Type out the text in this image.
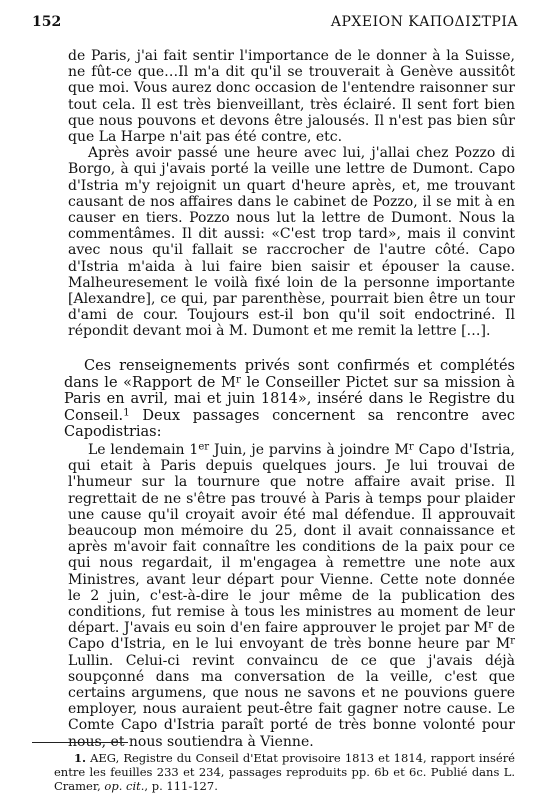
152	ΑΡΧΕΙΟΝ ΚΑΠΟΔΙΣΤΡΙΑ

de Paris, j'ai fait sentir l'importance de le donner à la Suisse, ne fût-ce que…Il m'a dit qu'il se trouverait à Genève aussitôt que moi. Vous aurez donc occasion de l'entendre raisonner sur tout cela. Il est très bienveillant, très éclairé. Il sent fort bien que nous pouvons et devons être jalousés. Il n'est pas bien sûr que La Harpe n'ait pas été contre, etc.

Après avoir passé une heure avec lui, j'allai chez Pozzo di Borgo, à qui j'avais porté la veille une lettre de Dumont. Capo d'Istria m'y rejoignit un quart d'heure après, et, me trouvant causant de nos affaires dans le cabinet de Pozzo, il se mit à en causer en tiers. Pozzo nous lut la lettre de Dumont. Nous la commentâmes. Il dit aussi: «C'est trop tard», mais il convint avec nous qu'il fallait se raccrocher de l'autre côté. Capo d'Istria m'aida à lui faire bien saisir et épouser la cause. Malheuresement le voilà fixé loin de la personne importante [Alexandre], ce qui, par parenthèse, pourrait bien être un tour d'ami de cour. Toujours est-il bon qu'il soit endoctriné. Il répondit devant moi à M. Dumont et me remit la lettre […].

Ces renseignements privés sont confirmés et complétés dans le «Rapport de $M^r$ le Conseiller Pictet sur sa mission à Paris en avril, mai et juin 1814», inséré dans le Registre du Conseil.$^1$ Deux passages concernent sa rencontre avec Capodistrias:

Le lendemain 1er Juin, je parvins à joindre $M^r$ Capo d'Istria, qui etait à Paris depuis quelques jours. Je lui trouvai de l'humeur sur la tournure que notre affaire avait prise. Il regrettait de ne s'être pas trouvé à Paris à temps pour plaider une cause qu'il croyait avoir été mal défendue. Il approuvait beaucoup mon mémoire du 25, dont il avait connaissance et après m'avoir fait connaître les conditions de la paix pour ce qui nous regardait, il m'engagea à remettre une note aux Ministres, avant leur départ pour Vienne. Cette note donnée le 2 juin, c'est-à-dire le jour même de la publication des conditions, fut remise à tous les ministres au moment de leur départ. J'avais eu soin d'en faire approuver le projet par $M^r$ de Capo d'Istria, en le lui envoyant de très bonne heure par $M^r$ Lullin. Celui-ci revint convaincu de ce que j'avais déjà soupçonné dans ma conversation de la veille, c'est que certains argumens, que nous ne savons et ne pouvions guere employer, nous auraient peut-être fait gagner notre cause. Le Comte Capo d'Istria paraît porté de très bonne volonté pour nous, et nous soutiendra à Vienne.

1. AEG, Registre du Conseil d'Etat provisoire 1813 et 1814, rapport inséré entre les feuilles 233 et 234, passages reproduits pp. 6b et 6c. Publié dans L. Cramer, op. cit., p. 111-127.
